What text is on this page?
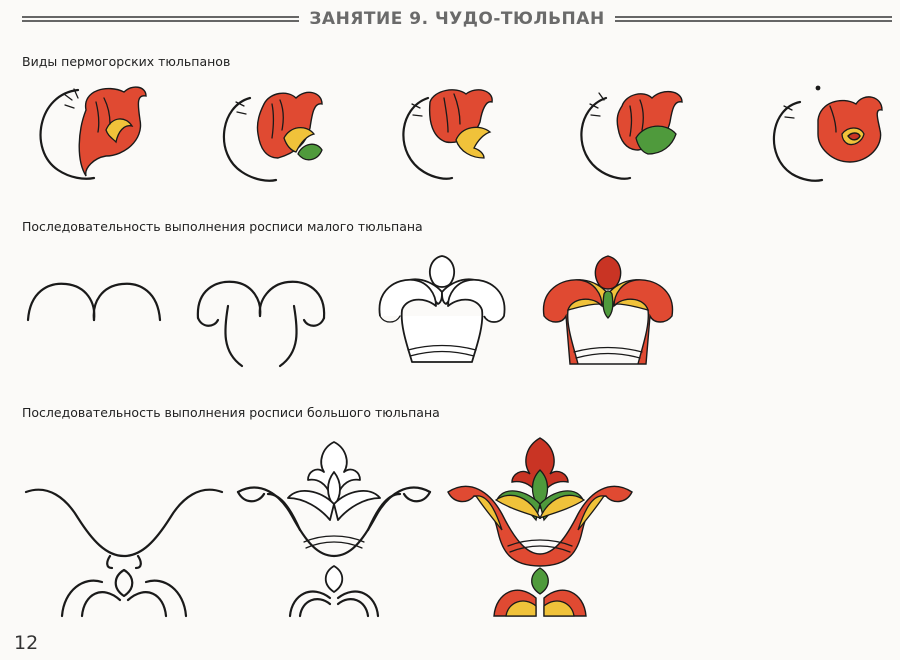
ЗАНЯТИЕ 9. ЧУДО-ТЮЛЬПАН
Виды пермогорских тюльпанов
Последовательность выполнения росписи малого тюльпана
Последовательность выполнения росписи большого тюльпана
12
